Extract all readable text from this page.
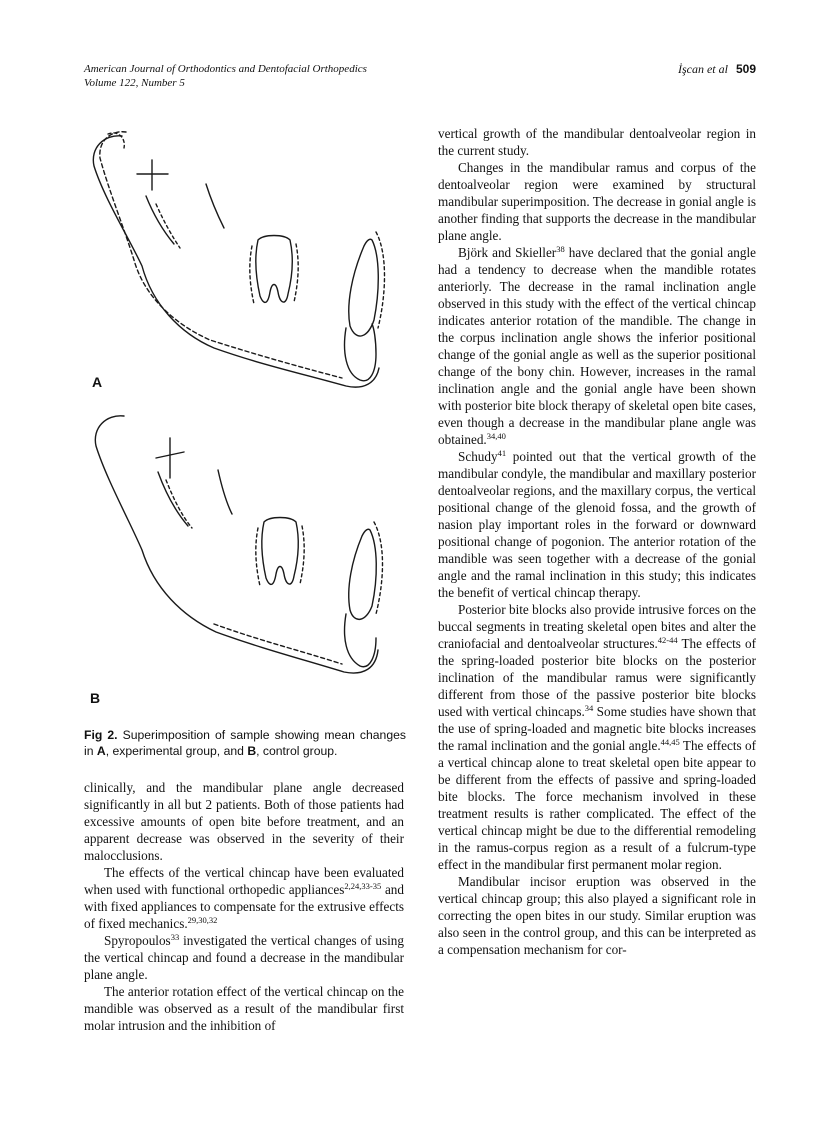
American Journal of Orthodontics and Dentofacial Orthopedics
Volume 122, Number 5
İşcan et al 509
A
B
Fig 2. Superimposition of sample showing mean changes in A, experimental group, and B, control group.

clinically, and the mandibular plane angle decreased significantly in all but 2 patients. Both of those patients had excessive amounts of open bite before treatment, and an apparent decrease was observed in the severity of their malocclusions.

The effects of the vertical chincap have been evaluated when used with functional orthopedic appliances$^{2,24,33-35}$ and with fixed appliances to compensate for the extrusive effects of fixed mechanics.$^{29,30,32}$

Spyropoulos$^{33}$ investigated the vertical changes of using the vertical chincap and found a decrease in the mandibular plane angle.

The anterior rotation effect of the vertical chincap on the mandible was observed as a result of the mandibular first molar intrusion and the inhibition of

vertical growth of the mandibular dentoalveolar region in the current study.

Changes in the mandibular ramus and corpus of the dentoalveolar region were examined by structural mandibular superimposition. The decrease in gonial angle is another finding that supports the decrease in the mandibular plane angle.

Björk and Skieller$^{38}$ have declared that the gonial angle had a tendency to decrease when the mandible rotates anteriorly. The decrease in the ramal inclination angle observed in this study with the effect of the vertical chincap indicates anterior rotation of the mandible. The change in the corpus inclination angle shows the inferior positional change of the gonial angle as well as the superior positional change of the bony chin. However, increases in the ramal inclination angle and the gonial angle have been shown with posterior bite block therapy of skeletal open bite cases, even though a decrease in the mandibular plane angle was obtained.$^{34,40}$

Schudy$^{41}$ pointed out that the vertical growth of the mandibular condyle, the mandibular and maxillary posterior dentoalveolar regions, and the maxillary corpus, the vertical positional change of the glenoid fossa, and the growth of nasion play important roles in the forward or downward positional change of pogonion. The anterior rotation of the mandible was seen together with a decrease of the gonial angle and the ramal inclination in this study; this indicates the benefit of vertical chincap therapy.

Posterior bite blocks also provide intrusive forces on the buccal segments in treating skeletal open bites and alter the craniofacial and dentoalveolar structures.$^{42-44}$ The effects of the spring-loaded posterior bite blocks on the posterior inclination of the mandibular ramus were significantly different from those of the passive posterior bite blocks used with vertical chincaps.$^{34}$ Some studies have shown that the use of spring-loaded and magnetic bite blocks increases the ramal inclination and the gonial angle.$^{44,45}$ The effects of a vertical chincap alone to treat skeletal open bite appear to be different from the effects of passive and spring-loaded bite blocks. The force mechanism involved in these treatment results is rather complicated. The effect of the vertical chincap might be due to the differential remodeling in the ramus-corpus region as a result of a fulcrum-type effect in the mandibular first permanent molar region.

Mandibular incisor eruption was observed in the vertical chincap group; this also played a significant role in correcting the open bites in our study. Similar eruption was also seen in the control group, and this can be interpreted as a compensation mechanism for cor-
